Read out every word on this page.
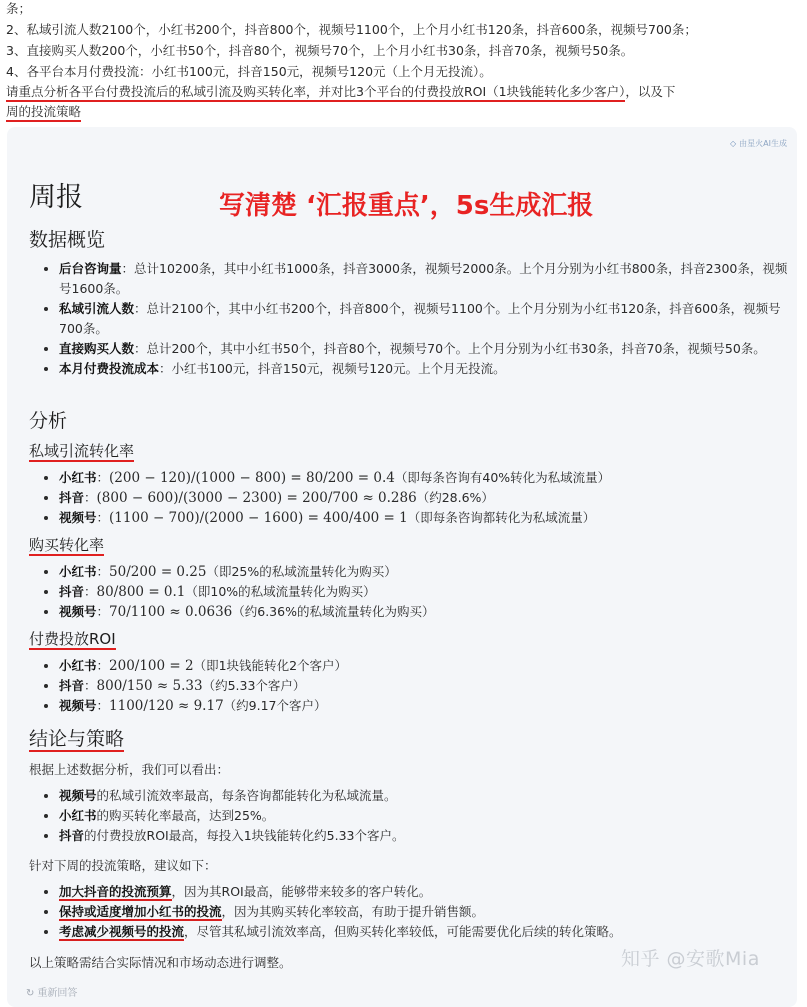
条；
2、私域引流人数2100个，小红书200个，抖音800个，视频号1100个，上个月小红书120条，抖音600条，视频号700条；
3、直接购买人数200个，小红书50个，抖音80个，视频号70个，上个月小红书30条，抖音70条，视频号50条。
4、各平台本月付费投流：小红书100元，抖音150元，视频号120元（上个月无投流）。
请重点分析各平台付费投流后的私域引流及购买转化率，并对比3个平台的付费投放ROI（1块钱能转化多少客户），以及下
周的投流策略
◇ 由星火AI生成
周报	写清楚 ‘汇报重点’，5s生成汇报
数据概览
• 后台咨询量：总计10200条，其中小红书1000条，抖音3000条，视频号2000条。上个月分别为小红书800条，抖音2300条，视频号1600条。
• 私域引流人数：总计2100个，其中小红书200个，抖音800个，视频号1100个。上个月分别为小红书120条，抖音600条，视频号700条。
• 直接购买人数：总计200个，其中小红书50个，抖音80个，视频号70个。上个月分别为小红书30条，抖音70条，视频号50条。
• 本月付费投流成本：小红书100元，抖音150元，视频号120元。上个月无投流。
分析
私域引流转化率
• 小红书：(200 − 120)/(1000 − 800) = 80/200 = 0.4（即每条咨询有40%转化为私域流量）
• 抖音：(800 − 600)/(3000 − 2300) = 200/700 ≈ 0.286（约28.6%）
• 视频号：(1100 − 700)/(2000 − 1600) = 400/400 = 1（即每条咨询都转化为私域流量）
购买转化率
• 小红书：50/200 = 0.25（即25%的私域流量转化为购买）
• 抖音：80/800 = 0.1（即10%的私域流量转化为购买）
• 视频号：70/1100 ≈ 0.0636（约6.36%的私域流量转化为购买）
付费投放ROI
• 小红书：200/100 = 2（即1块钱能转化2个客户）
• 抖音：800/150 ≈ 5.33（约5.33个客户）
• 视频号：1100/120 ≈ 9.17（约9.17个客户）
结论与策略
根据上述数据分析，我们可以看出：
• 视频号的私域引流效率最高，每条咨询都能转化为私域流量。
• 小红书的购买转化率最高，达到25%。
• 抖音的付费投放ROI最高，每投入1块钱能转化约5.33个客户。
针对下周的投流策略，建议如下：
• 加大抖音的投流预算，因为其ROI最高，能够带来较多的客户转化。
• 保持或适度增加小红书的投流，因为其购买转化率较高，有助于提升销售额。
• 考虑减少视频号的投流，尽管其私域引流效率高，但购买转化率较低，可能需要优化后续的转化策略。
以上策略需结合实际情况和市场动态进行调整。	知乎 @安歌Mia
↻ 重新回答
